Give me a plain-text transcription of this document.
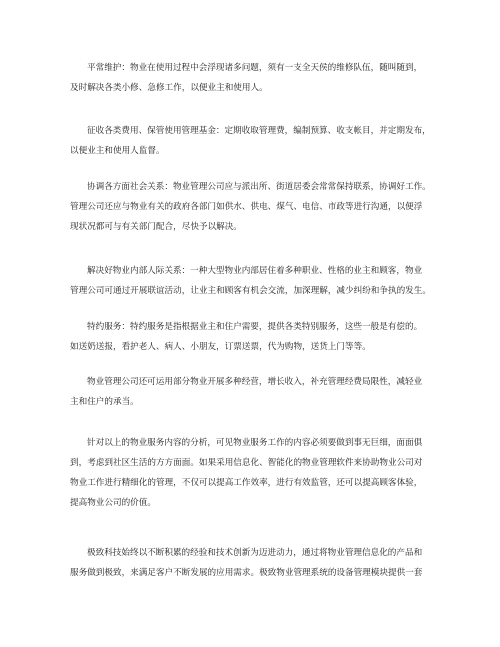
平常维护：物业在使用过程中会浮现诸多问题，须有一支全天侯的维修队伍，随叫随到，
及时解决各类小修、急修工作，以便业主和使用人。
征收各类费用、保管使用管理基金：定期收取管理费，编制预算、收支帐目，并定期发布，
以便业主和使用人监督。
协调各方面社会关系：物业管理公司应与派出所、街道居委会常常保持联系，协调好工作。
管理公司还应与物业有关的政府各部门如供水、供电、煤气、电信、市政等进行沟通，以便浮
现状况都可与有关部门配合，尽快予以解决。
解决好物业内部人际关系：一种大型物业内部居住着多种职业、性格的业主和顾客，物业
管理公司可通过开展联谊活动，让业主和顾客有机会交流，加深理解，减少纠纷和争执的发生。
特约服务：特约服务是指根据业主和住户需要，提供各类特别服务，这些一般是有偿的。
如送奶送报，看护老人、病人、小朋友，订票送票，代为购物，送货上门等等。
物业管理公司还可运用部分物业开展多种经营，增长收入，补充管理经费局限性，减轻业
主和住户的承当。
针对以上的物业服务内容的分析，可见物业服务工作的内容必须要做到事无巨细，面面俱
到，考虑到社区生活的方方面面。如果采用信息化、智能化的物业管理软件来协助物业公司对
物业工作进行精细化的管理，不仅可以提高工作效率，进行有效监管，还可以提高顾客体验，
提高物业公司的价值。
极致科技始终以不断积累的经验和技术创新为迈进动力，通过将物业管理信息化的产品和
服务做到极致，来满足客户不断发展的应用需求。极致物业管理系统的设备管理模块提供一套
